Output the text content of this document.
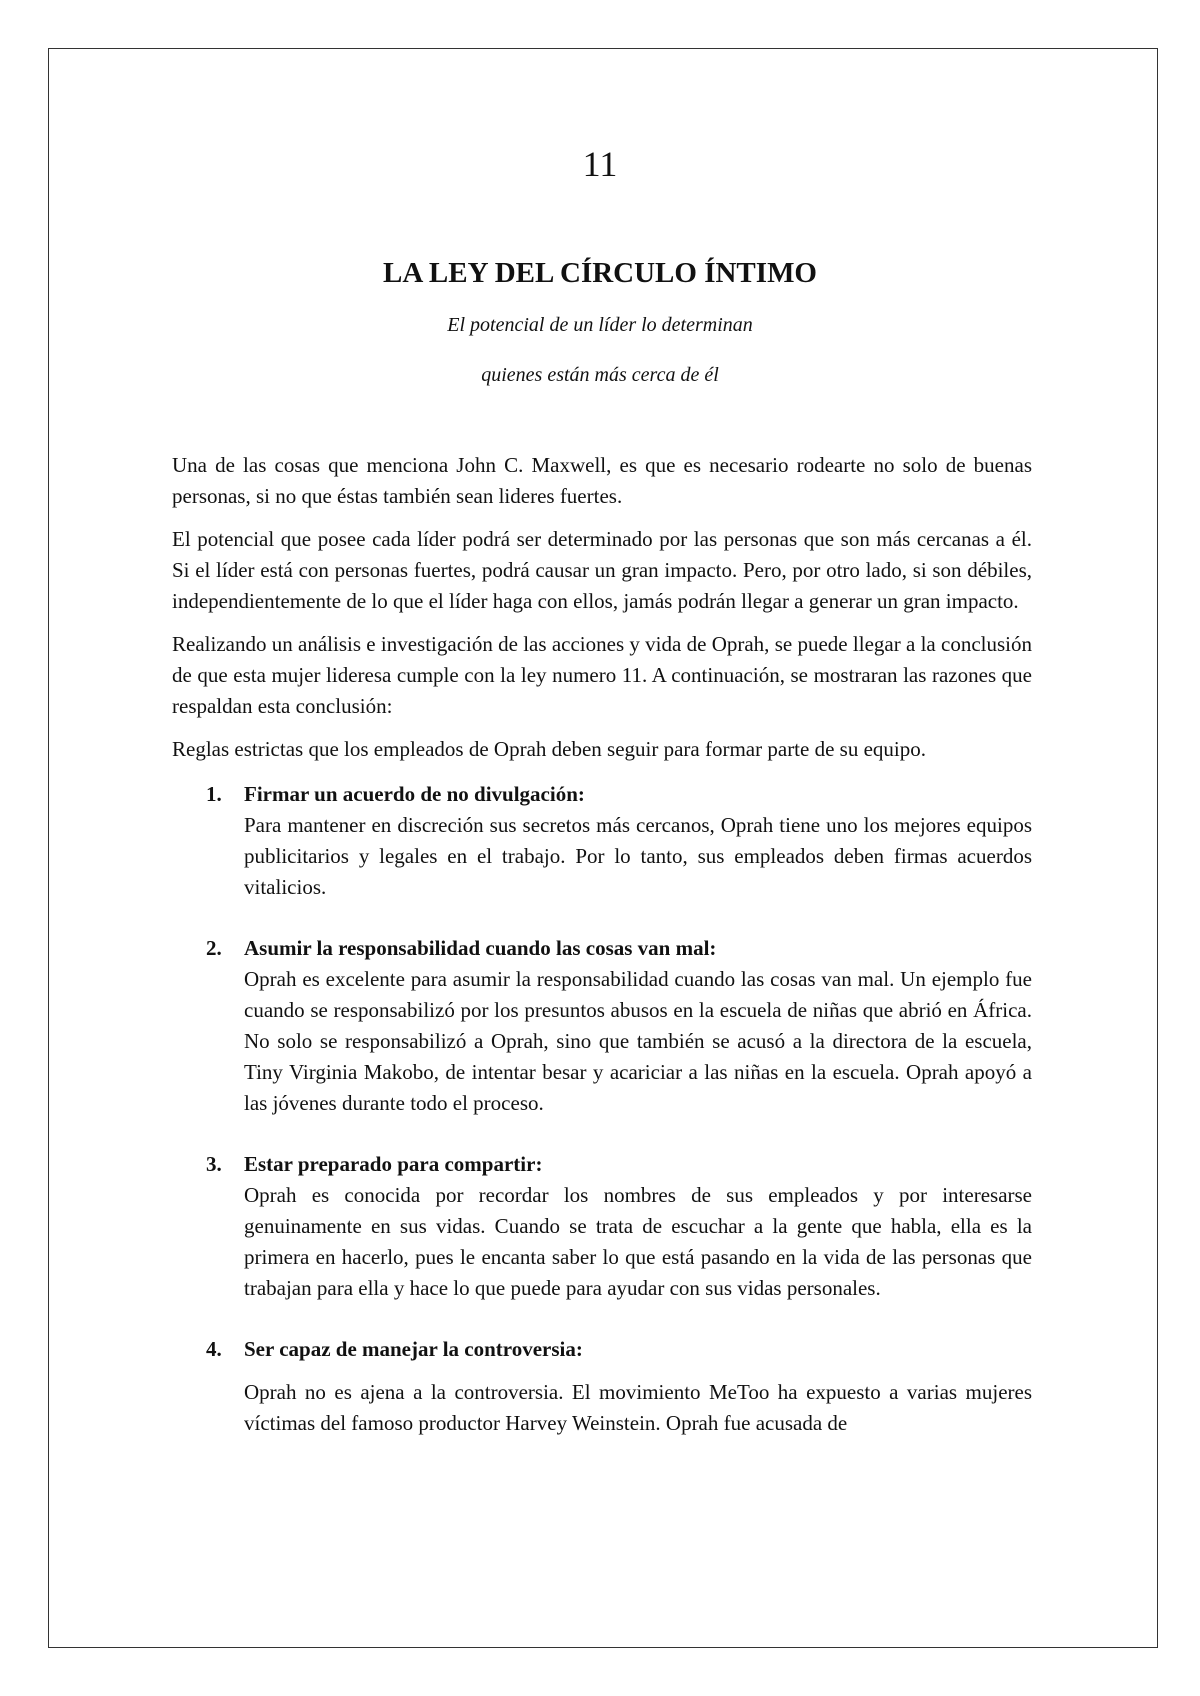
11
LA LEY DEL CÍRCULO ÍNTIMO
El potencial de un líder lo determinan
quienes están más cerca de él

Una de las cosas que menciona John C. Maxwell, es que es necesario rodearte no solo de buenas personas, si no que éstas también sean lideres fuertes.

El potencial que posee cada líder podrá ser determinado por las personas que son más cercanas a él. Si el líder está con personas fuertes, podrá causar un gran impacto. Pero, por otro lado, si son débiles, independientemente de lo que el líder haga con ellos, jamás podrán llegar a generar un gran impacto.

Realizando un análisis e investigación de las acciones y vida de Oprah, se puede llegar a la conclusión de que esta mujer lideresa cumple con la ley numero 11. A continuación, se mostraran las razones que respaldan esta conclusión:

Reglas estrictas que los empleados de Oprah deben seguir para formar parte de su equipo.

1. Firmar un acuerdo de no divulgación:
Para mantener en discreción sus secretos más cercanos, Oprah tiene uno los mejores equipos publicitarios y legales en el trabajo. Por lo tanto, sus empleados deben firmas acuerdos vitalicios.
2. Asumir la responsabilidad cuando las cosas van mal:
Oprah es excelente para asumir la responsabilidad cuando las cosas van mal. Un ejemplo fue cuando se responsabilizó por los presuntos abusos en la escuela de niñas que abrió en África. No solo se responsabilizó a Oprah, sino que también se acusó a la directora de la escuela, Tiny Virginia Makobo, de intentar besar y acariciar a las niñas en la escuela. Oprah apoyó a las jóvenes durante todo el proceso.
3. Estar preparado para compartir:
Oprah es conocida por recordar los nombres de sus empleados y por interesarse genuinamente en sus vidas. Cuando se trata de escuchar a la gente que habla, ella es la primera en hacerlo, pues le encanta saber lo que está pasando en la vida de las personas que trabajan para ella y hace lo que puede para ayudar con sus vidas personales.
4. Ser capaz de manejar la controversia:
Oprah no es ajena a la controversia. El movimiento MeToo ha expuesto a varias mujeres víctimas del famoso productor Harvey Weinstein. Oprah fue acusada de
